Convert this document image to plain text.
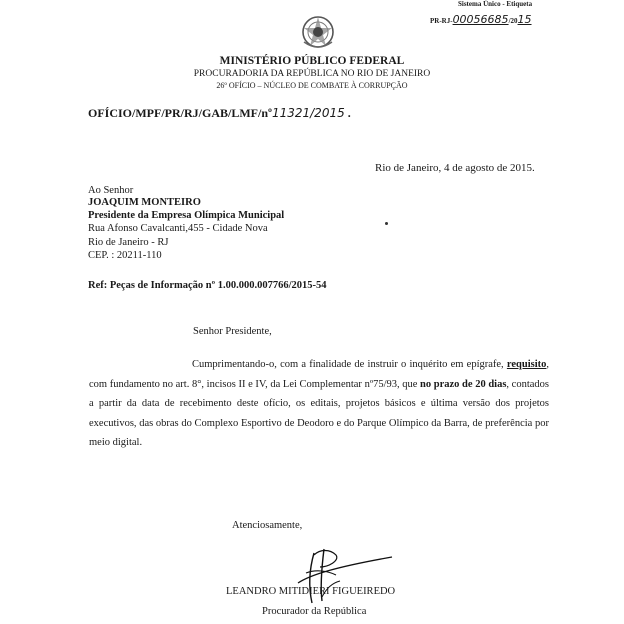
Sistema Único - Etiqueta
PR-RJ-00056685/2015
MINISTÉRIO PÚBLICO FEDERAL
PROCURADORIA DA REPÚBLICA NO RIO DE JANEIRO
26º OFÍCIO – NÚCLEO DE COMBATE À CORRUPÇÃO
OFÍCIO/MPF/PR/RJ/GAB/LMF/nº11321/2015 .
Rio de Janeiro, 4 de agosto de 2015.
Ao Senhor
JOAQUIM MONTEIRO
Presidente da Empresa Olímpica Municipal
Rua Afonso Cavalcanti,455 - Cidade Nova
Rio de Janeiro - RJ
CEP. : 20211-110
Ref: Peças de Informação nº 1.00.000.007766/2015-54
Senhor Presidente,
Cumprimentando-o, com a finalidade de instruir o inquérito em epígrafe, requisito, com fundamento no art. 8°, incisos II e IV, da Lei Complementar nº75/93, que no prazo de 20 dias, contados a partir da data de recebimento deste ofício, os editais, projetos básicos e última versão dos projetos executivos, das obras do Complexo Esportivo de Deodoro e do Parque Olímpico da Barra, de preferência por meio digital.
Atenciosamente,
LEANDRO MITIDIERI FIGUEIREDO
Procurador da República
